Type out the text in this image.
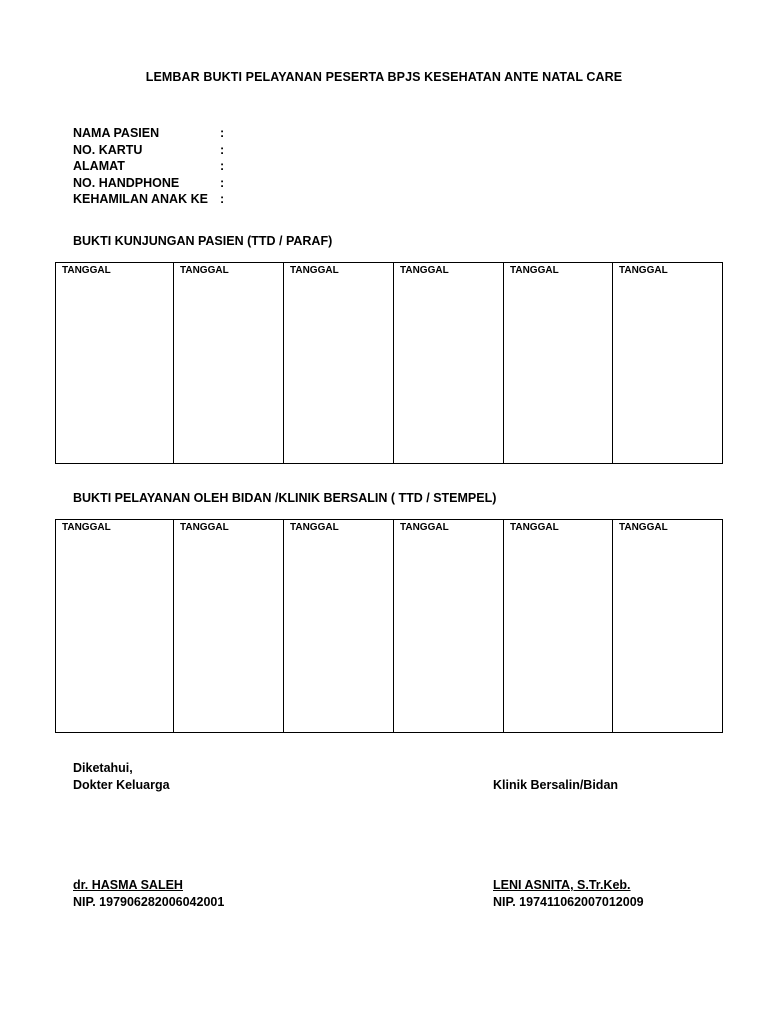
LEMBAR BUKTI PELAYANAN PESERTA BPJS KESEHATAN ANTE NATAL CARE
NAMA PASIEN	:
NO. KARTU	:
ALAMAT	:
NO. HANDPHONE	:
KEHAMILAN ANAK KE :
BUKTI KUNJUNGAN PASIEN (TTD / PARAF)
TANGGAL	TANGGAL	TANGGAL	TANGGAL	TANGGAL	TANGGAL
BUKTI PELAYANAN OLEH BIDAN /KLINIK BERSALIN ( TTD / STEMPEL)
TANGGAL	TANGGAL	TANGGAL	TANGGAL	TANGGAL	TANGGAL
Diketahui,
Dokter Keluarga	Klinik Bersalin/Bidan
dr. HASMA SALEH
NIP. 197906282006042001
LENI ASNITA, S.Tr.Keb.
NIP. 197411062007012009
